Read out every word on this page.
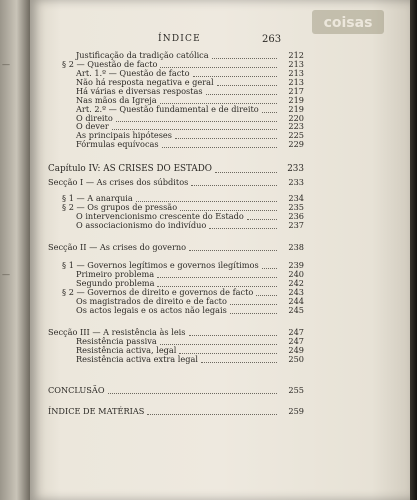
—
—
coisas
ÍNDICE	263
Justificação da tradição católica	212
§ 2 — Questão de facto	213
Art. 1.º — Questão de facto	213
Não há resposta negativa e geral	213
Há várias e diversas respostas	217
Nas mãos da Igreja	219
Art. 2.º — Questão fundamental e de direito	219
O direito	220
O dever	223
As principais hipóteses	225
Fórmulas equívocas	229
Capítulo IV: AS CRISES DO ESTADO	233
Secção I — As crises dos súbditos	233
§ 1 — A anarquia	234
§ 2 — Os grupos de pressão	235
O intervencionismo crescente do Estado	236
O associacionismo do indivíduo	237
Secção II — As crises do governo	238
§ 1 — Governos legítimos e governos ilegítimos	239
Primeiro problema	240
Segundo problema	242
§ 2 — Governos de direito e governos de facto	243
Os magistrados de direito e de facto	244
Os actos legais e os actos não legais	245
Secção III — A resistência às leis	247
Resistência passiva	247
Resistência activa, legal	249
Resistência activa extra legal	250
CONCLUSÃO	255
ÍNDICE DE MATÉRIAS	259
